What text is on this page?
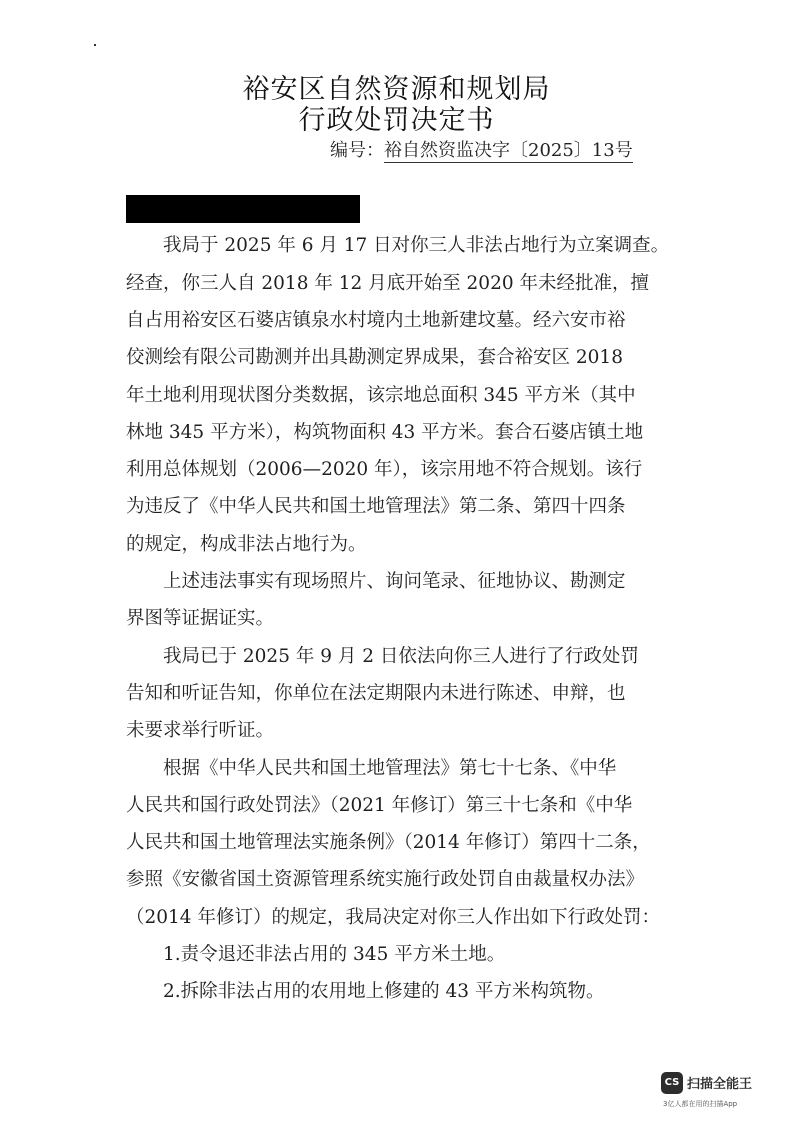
裕安区自然资源和规划局
行政处罚决定书
编号：裕自然资监决字〔2025〕13号
　　我局于 2025 年 6 月 17 日对你三人非法占地行为立案调查。
经查，你三人自 2018 年 12 月底开始至 2020 年未经批准，擅
自占用裕安区石婆店镇泉水村境内土地新建坟墓。经六安市裕
佼测绘有限公司勘测并出具勘测定界成果，套合裕安区 2018
年土地利用现状图分类数据，该宗地总面积 345 平方米（其中
林地 345 平方米），构筑物面积 43 平方米。套合石婆店镇土地
利用总体规划（2006—2020 年），该宗用地不符合规划。该行
为违反了《中华人民共和国土地管理法》第二条、第四十四条
的规定，构成非法占地行为。
　　上述违法事实有现场照片、询问笔录、征地协议、勘测定
界图等证据证实。
　　我局已于 2025 年 9 月 2 日依法向你三人进行了行政处罚
告知和听证告知，你单位在法定期限内未进行陈述、申辩，也
未要求举行听证。
　　根据《中华人民共和国土地管理法》第七十七条、《中华
人民共和国行政处罚法》（2021 年修订）第三十七条和《中华
人民共和国土地管理法实施条例》（2014 年修订）第四十二条，
参照《安徽省国土资源管理系统实施行政处罚自由裁量权办法》
（2014 年修订）的规定，我局决定对你三人作出如下行政处罚：
　　1.责令退还非法占用的 345 平方米土地。
　　2.拆除非法占用的农用地上修建的 43 平方米构筑物。
CS 扫描全能王
3亿人都在用的扫描App
